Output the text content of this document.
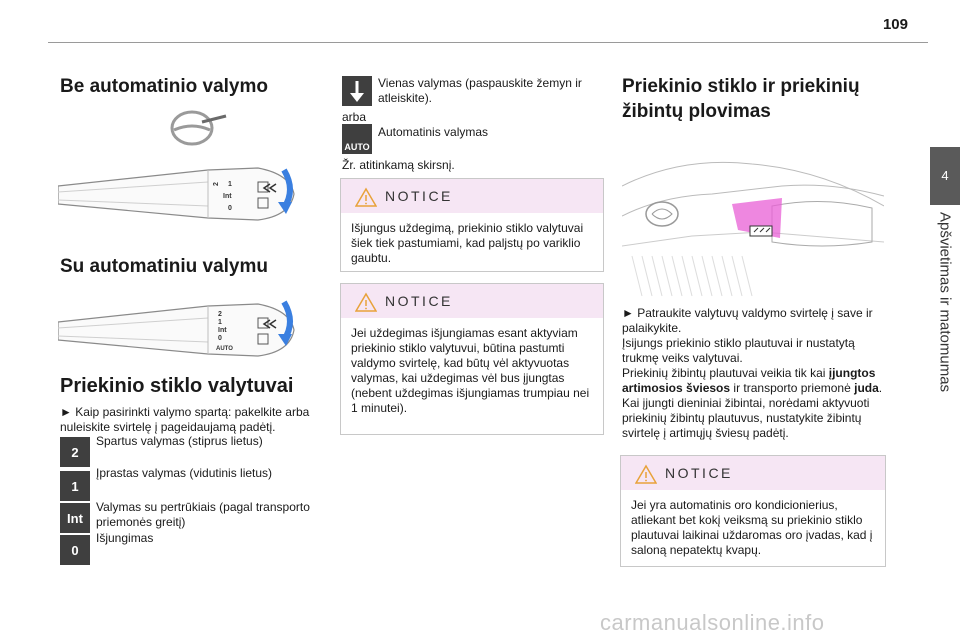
109
4
Apšvietimas ir matomumas
Be automatinio valymo
2 1
Int
0
Su automatiniu valymu
2
1
Int
0
AUTO
Priekinio stiklo valytuvai
► Kaip pasirinkti valymo spartą: pakelkite arba nuleiskite svirtelę į pageidaujamą padėtį.
2
Spartus valymas (stiprus lietus)
1
Įprastas valymas (vidutinis lietus)
Int
Valymas su pertrūkiais (pagal transporto priemonės greitį)
0
Išjungimas
Vienas valymas (paspauskite žemyn ir atleiskite).
arba
AUTO
Automatinis valymas
Žr. atitinkamą skirsnį.
NOTICE
Išjungus uždegimą, priekinio stiklo valytuvai šiek tiek pastumiami, kad paljstų po variklio gaubtu.
NOTICE
Jei uždegimas išjungiamas esant aktyviam priekinio stiklo valytuvui, būtina pastumti valdymo svirtelę, kad būtų vėl aktyvuotas valymas, kai uždegimas vėl bus įjungtas (nebent uždegimas išjungiamas trumpiau nei 1 minutei).
Priekinio stiklo ir priekinių žibintų plovimas
► Patraukite valytuvų valdymo svirtelę į save ir palaikykite.
Įsijungs priekinio stiklo plautuvai ir nustatytą trukmę veiks valytuvai.
Priekinių žibintų plautuvai veikia tik kai įjungtos artimosios šviesos ir transporto priemonė juda.
Kai įjungti dieniniai žibintai, norėdami aktyvuoti priekinių žibintų plautuvus, nustatykite žibintų svirtelę į artimųjų šviesų padėtį.
NOTICE
Jei yra automatinis oro kondicionierius, atliekant bet kokį veiksmą su priekinio stiklo plautuvai laikinai uždaromas oro įvadas, kad į saloną nepatektų kvapų.
carmanualsonline.info
